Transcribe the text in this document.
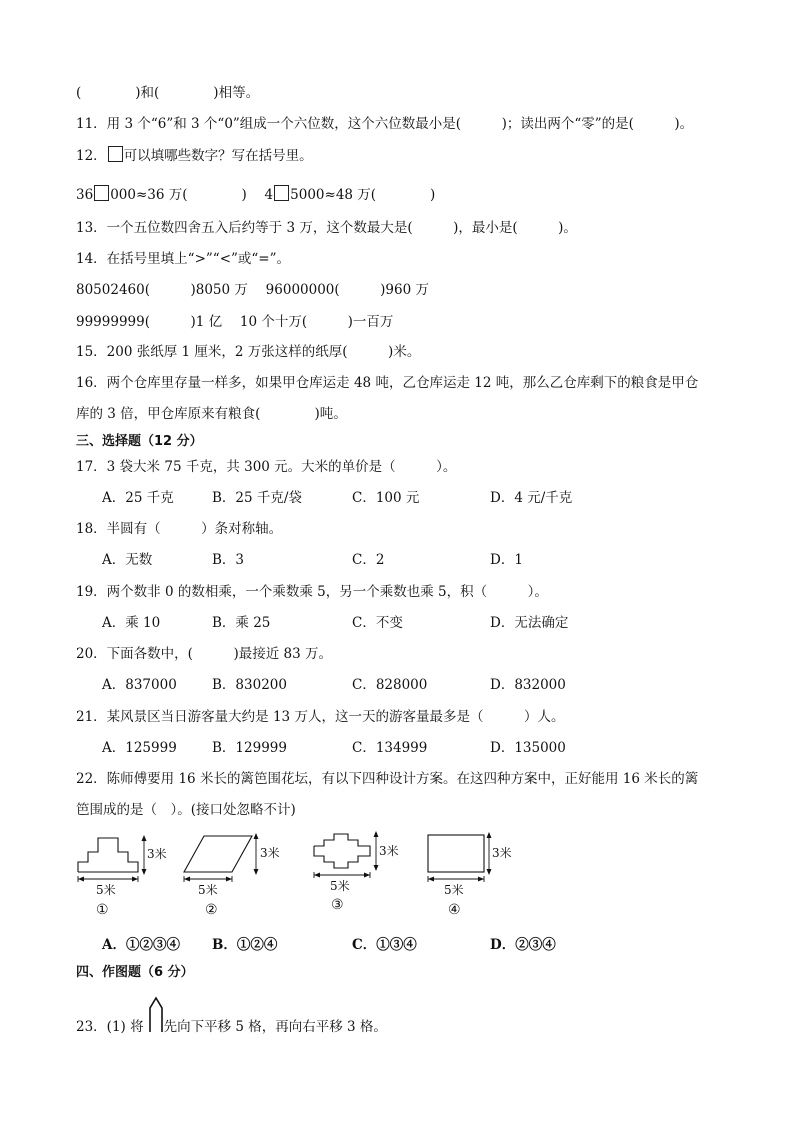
(　　　　)和(　　　　)相等。
11．用 3 个“6”和 3 个“0”组成一个六位数，这个六位数最小是(　　　)；读出两个“零”的是(　　　)。
12． 可以填哪些数字？写在括号里。
36 000≈36 万(　　　　)　 4 5000≈48 万(　　　　)
13．一个五位数四舍五入后约等于 3 万，这个数最大是(　　　)，最小是(　　　)。
14．在括号里填上“>”“<”或“=”。
80502460(　　　)8050 万　 96000000(　　　)960 万
99999999(　　　)1 亿　 10 个十万(　　　)一百万
15．200 张纸厚 1 厘米，2 万张这样的纸厚(　　　)米。
16．两个仓库里存量一样多，如果甲仓库运走 48 吨，乙仓库运走 12 吨，那么乙仓库剩下的粮食是甲仓
库的 3 倍，甲仓库原来有粮食(　　　　)吨。
三、选择题（12 分）
17．3 袋大米 75 千克，共 300 元。大米的单价是（　　　）。
A．25 千克	B．25 千克/袋	C．100 元	D．4 元/千克
18．半圆有（　　　）条对称轴。
A．无数	B．3	C．2	D．1
19．两个数非 0 的数相乘，一个乘数乘 5，另一个乘数也乘 5，积（　　　）。
A．乘 10	B．乘 25	C．不变	D．无法确定
20．下面各数中，(　　　)最接近 83 万。
A．837000	B．830200	C．828000	D．832000
21．某风景区当日游客量大约是 13 万人，这一天的游客量最多是（　　　）人。
A．125999	B．129999	C．134999	D．135000
22．陈师傅要用 16 米长的篱笆围花坛，有以下四种设计方案。在这四种方案中，正好能用 16 米长的篱
笆围成的是（　）。(接口处忽略不计)
3米
5米
①
3米
5米
②
3米
5米
③
3米
5米
④
A．①②③④ B．①②④	C．①③④	D．②③④
四、作图题（6 分）
23．(1) 将 先向下平移 5 格，再向右平移 3 格。
